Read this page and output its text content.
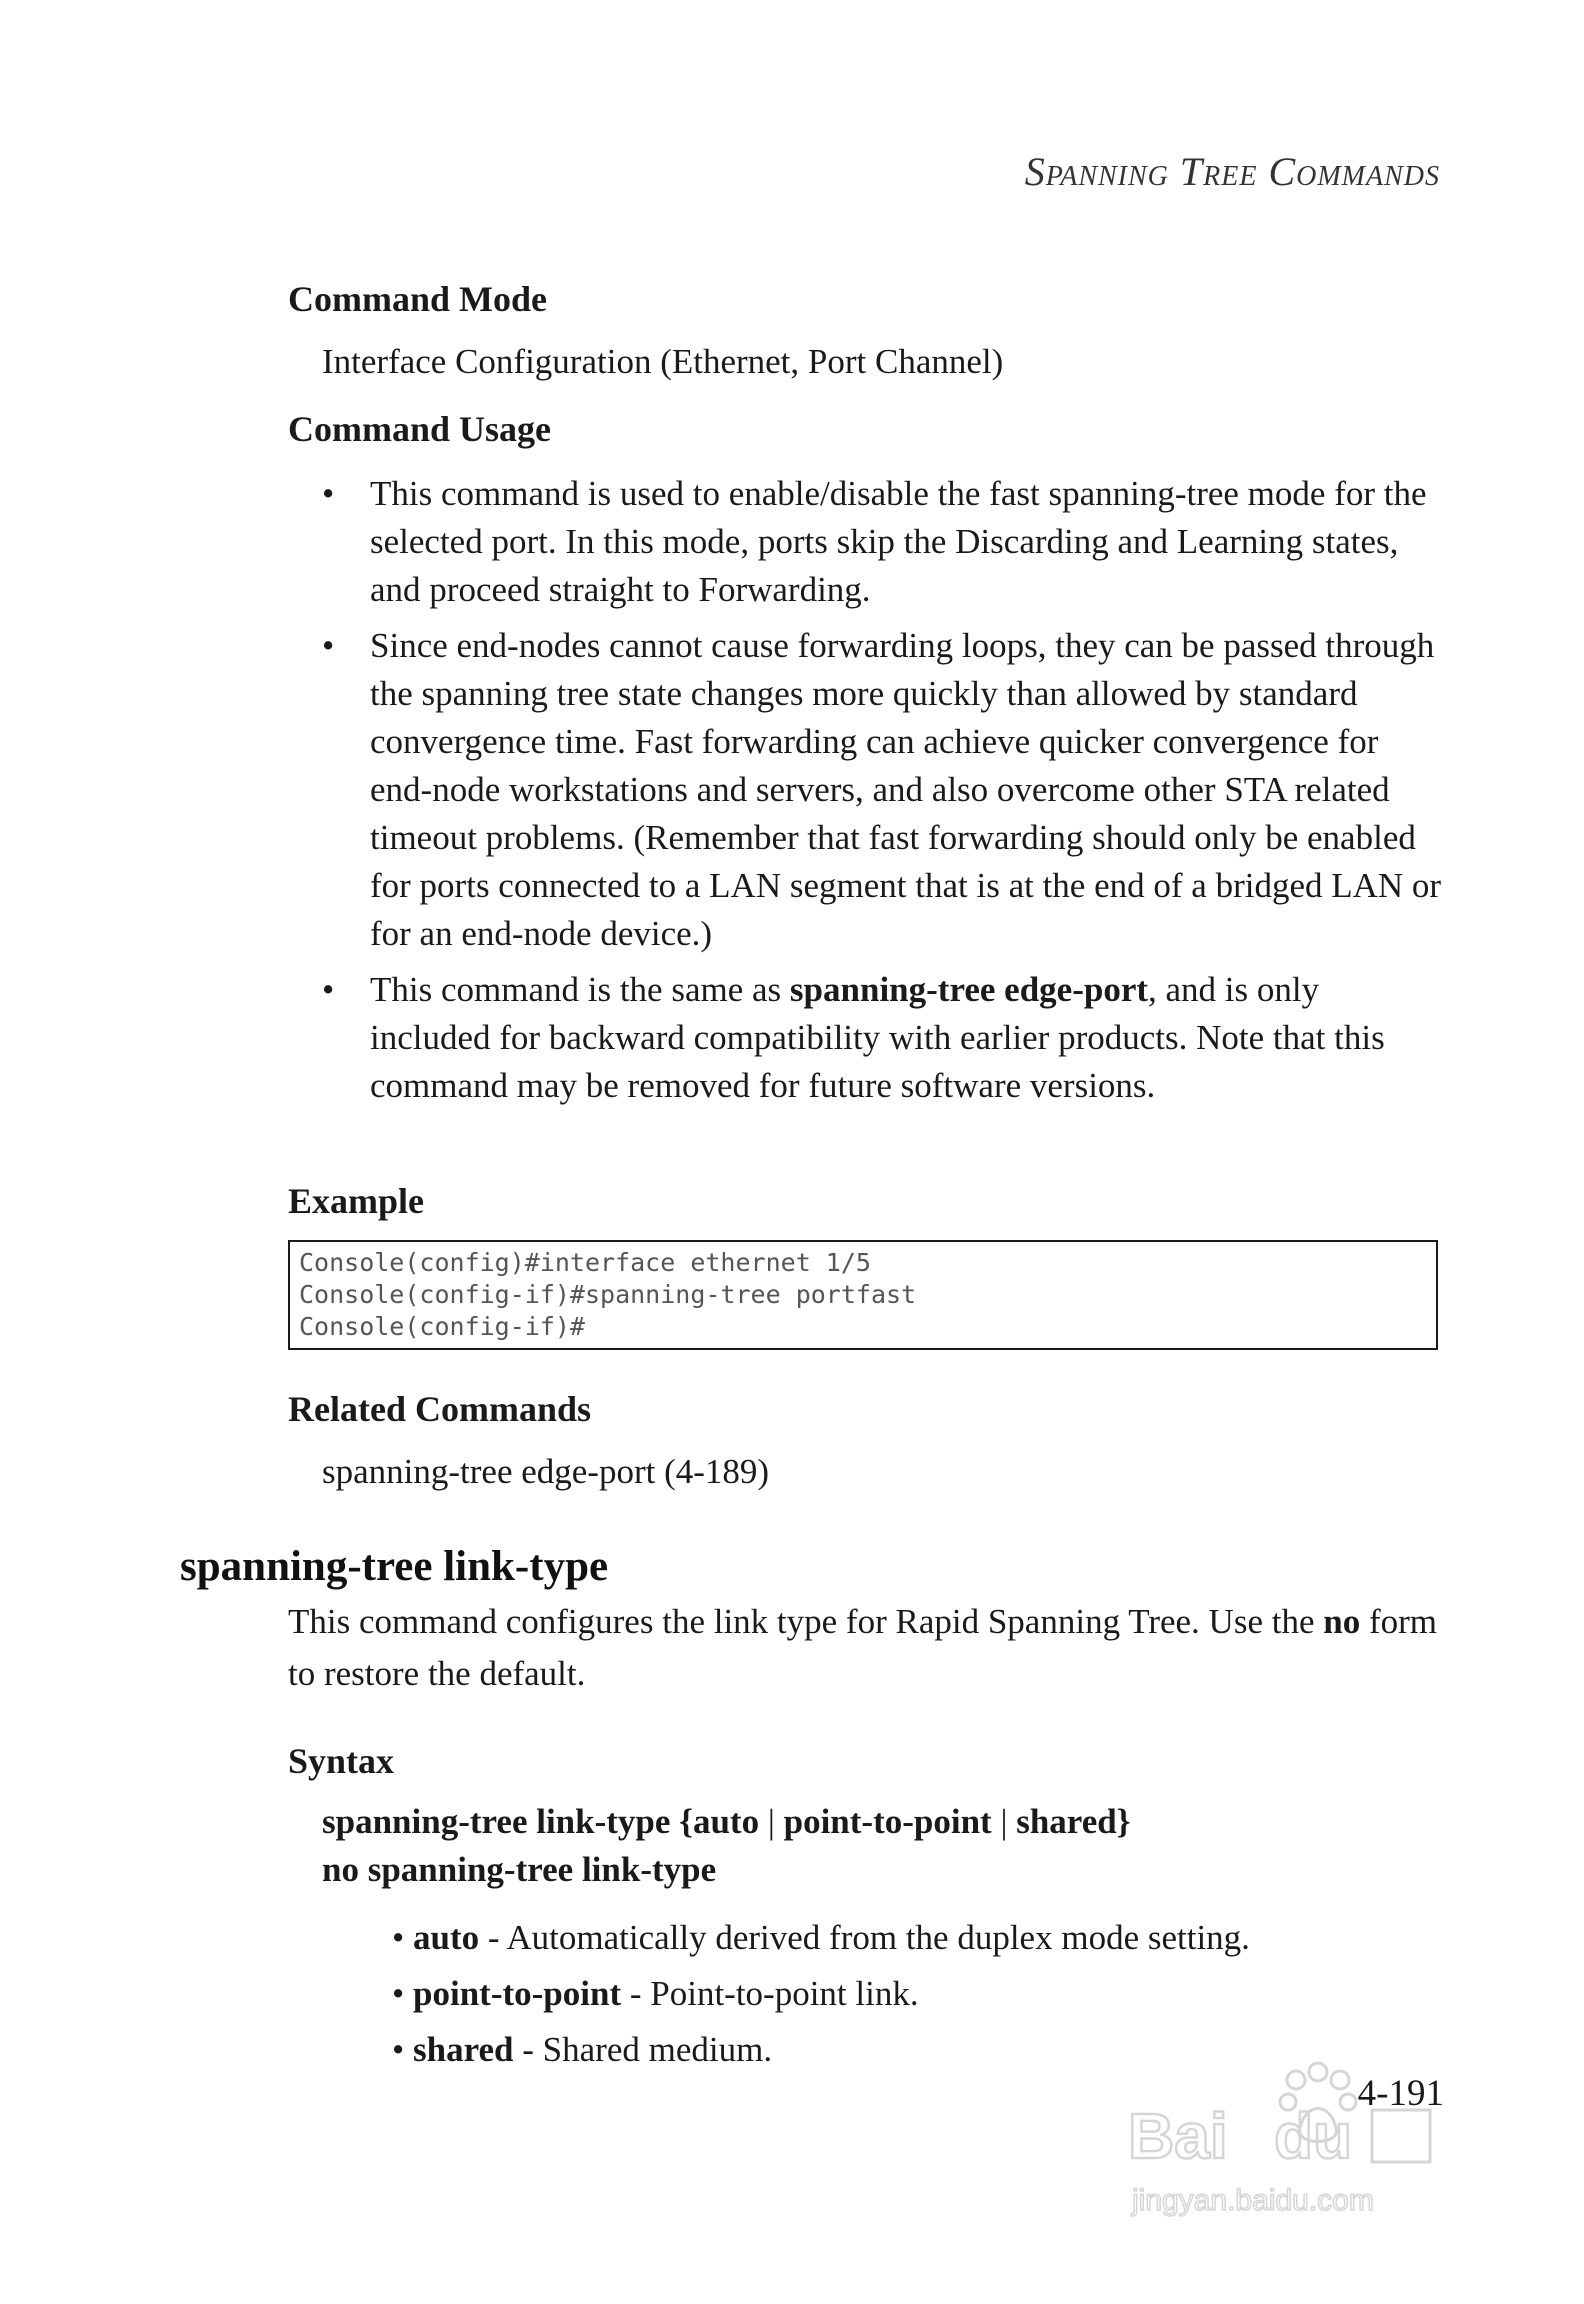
Spanning Tree Commands
Command Mode
Interface Configuration (Ethernet, Port Channel)
Command Usage
• This command is used to enable/disable the fast spanning-tree mode for the selected port. In this mode, ports skip the Discarding and Learning states, and proceed straight to Forwarding.
• Since end-nodes cannot cause forwarding loops, they can be passed through the spanning tree state changes more quickly than allowed by standard convergence time. Fast forwarding can achieve quicker convergence for end-node workstations and servers, and also overcome other STA related timeout problems. (Remember that fast forwarding should only be enabled for ports connected to a LAN segment that is at the end of a bridged LAN or for an end-node device.)
• This command is the same as spanning-tree edge-port, and is only included for backward compatibility with earlier products. Note that this command may be removed for future software versions.
Example
Console(config)#interface ethernet 1/5
Console(config-if)#spanning-tree portfast
Console(config-if)#
Related Commands
spanning-tree edge-port (4-189)
spanning-tree link-type
This command configures the link type for Rapid Spanning Tree. Use the no form to restore the default.
Syntax
spanning-tree link-type {auto | point-to-point | shared}
no spanning-tree link-type
• auto - Automatically derived from the duplex mode setting.
• point-to-point - Point-to-point link.
• shared - Shared medium.
4-191
Bai du
jingyan.baidu.com
